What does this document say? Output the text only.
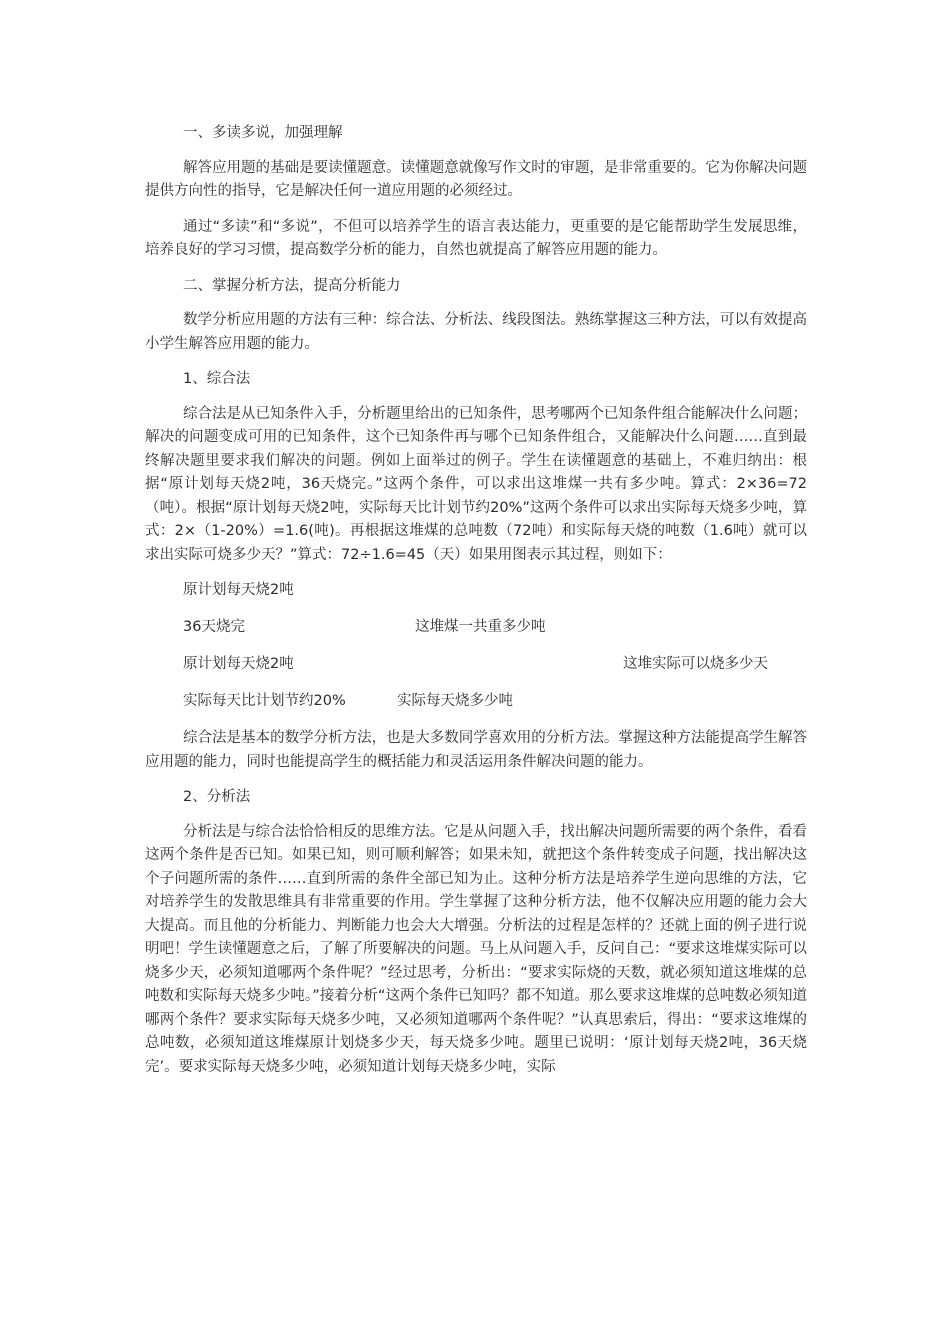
一、多读多说，加强理解

解答应用题的基础是要读懂题意。读懂题意就像写作文时的审题，是非常重要的。它为你解决问题提供方向性的指导，它是解决任何一道应用题的必须经过。

通过“多读”和“多说”，不但可以培养学生的语言表达能力，更重要的是它能帮助学生发展思维，培养良好的学习习惯，提高数学分析的能力，自然也就提高了解答应用题的能力。

二、掌握分析方法，提高分析能力

数学分析应用题的方法有三种：综合法、分析法、线段图法。熟练掌握这三种方法，可以有效提高小学生解答应用题的能力。

1、综合法

综合法是从已知条件入手，分析题里给出的已知条件，思考哪两个已知条件组合能解决什么问题；解决的问题变成可用的已知条件，这个已知条件再与哪个已知条件组合，又能解决什么问题……直到最终解决题里要求我们解决的问题。例如上面举过的例子。学生在读懂题意的基础上，不难归纳出：根据“原计划每天烧2吨，36天烧完。”这两个条件，可以求出这堆煤一共有多少吨。算式：2×36=72（吨）。根据“原计划每天烧2吨，实际每天比计划节约20%”这两个条件可以求出实际每天烧多少吨，算式：2×（1-20%）=1.6(吨)。再根据这堆煤的总吨数（72吨）和实际每天烧的吨数（1.6吨）就可以求出实际可烧多少天？”算式：72÷1.6=45（天）如果用图表示其过程，则如下：

原计划每天烧2吨
36天烧完	这堆煤一共重多少吨
原计划每天烧2吨	这堆实际可以烧多少天
实际每天比计划节约20%	实际每天烧多少吨

综合法是基本的数学分析方法，也是大多数同学喜欢用的分析方法。掌握这种方法能提高学生解答应用题的能力，同时也能提高学生的概括能力和灵活运用条件解决问题的能力。

2、分析法

分析法是与综合法恰恰相反的思维方法。它是从问题入手，找出解决问题所需要的两个条件，看看这两个条件是否已知。如果已知，则可顺利解答；如果未知，就把这个条件转变成子问题，找出解决这个子问题所需的条件……直到所需的条件全部已知为止。这种分析方法是培养学生逆向思维的方法，它对培养学生的发散思维具有非常重要的作用。学生掌握了这种分析方法，他不仅解决应用题的能力会大大提高。而且他的分析能力、判断能力也会大大增强。分析法的过程是怎样的？还就上面的例子进行说明吧！学生读懂题意之后，了解了所要解决的问题。马上从问题入手，反问自己：“要求这堆煤实际可以烧多少天，必须知道哪两个条件呢？”经过思考，分析出：“要求实际烧的天数，就必须知道这堆煤的总吨数和实际每天烧多少吨。”接着分析“这两个条件已知吗？都不知道。那么要求这堆煤的总吨数必须知道哪两个条件？要求实际每天烧多少吨，又必须知道哪两个条件呢？”认真思索后，得出：“要求这堆煤的总吨数，必须知道这堆煤原计划烧多少天，每天烧多少吨。题里已说明：‘原计划每天烧2吨，36天烧完’。要求实际每天烧多少吨，必须知道计划每天烧多少吨，实际
